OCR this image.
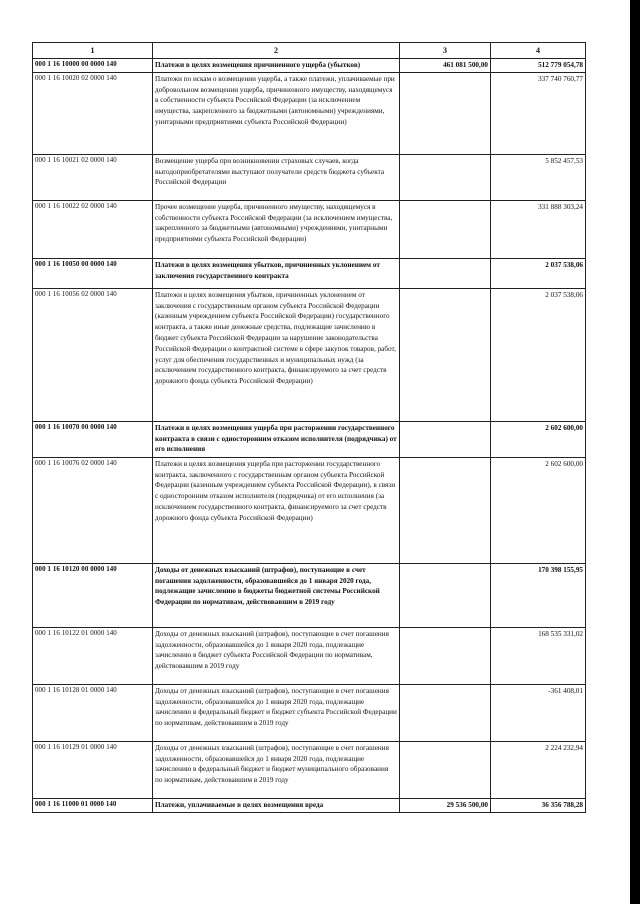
1	2	3	4
000 1 16 10000 00 0000 140	Платежи в целях возмещения причиненного ущерба (убытков)	461 081 500,00	512 779 054,78
000 1 16 10020 02 0000 140	Платежи по искам о возмещении ущерба, а также платежи, уплачиваемые при добровольном возмещении ущерба, причиненного имуществу, находящемуся в собственности субъекта Российской Федерации (за исключением имущества, закрепленного за бюджетными (автономными) учреждениями, унитарными предприятиями субъекта Российской Федерации)		337 740 760,77
000 1 16 10021 02 0000 140	Возмещение ущерба при возникновении страховых случаев, когда выгодоприобретателями выступают получатели средств бюджета субъекта Российской Федерации		5 852 457,53
000 1 16 10022 02 0000 140	Прочее возмещение ущерба, причиненного имуществу, находящемуся в собственности субъекта Российской Федерации (за исключением имущества, закрепленного за бюджетными (автономными) учреждениями, унитарными предприятиями субъекта Российской Федерации)		331 888 303,24
000 1 16 10050 00 0000 140	Платежи в целях возмещения убытков, причиненных уклонением от заключения государственного контракта		2 037 538,06
000 1 16 10056 02 0000 140	Платежи в целях возмещения убытков, причиненных уклонением от заключения с государственным органом субъекта Российской Федерации (казенным учреждением субъекта Российской Федерации) государственного контракта, а также иные денежные средства, подлежащие зачислению в бюджет субъекта Российской Федерации за нарушение законодательства Российской Федерации о контрактной системе в сфере закупок товаров, работ, услуг для обеспечения государственных и муниципальных нужд (за исключением государственного контракта, финансируемого за счет средств дорожного фонда субъекта Российской Федерации)		2 037 538,06
000 1 16 10070 00 0000 140	Платежи в целях возмещения ущерба при расторжении государственного контракта в связи с односторонним отказом исполнителя (подрядчика) от его исполнения		2 602 600,00
000 1 16 10076 02 0000 140	Платежи в целях возмещения ущерба при расторжении государственного контракта, заключенного с государственным органом субъекта Российской Федерации (казенным учреждением субъекта Российской Федерации), в связи с односторонним отказом исполнителя (подрядчика) от его исполнения (за исключением государственного контракта, финансируемого за счет средств дорожного фонда субъекта Российской Федерации)		2 602 600,00
000 1 16 10120 00 0000 140	Доходы от денежных взысканий (штрафов), поступающие в счет погашения задолженности, образовавшейся до 1 января 2020 года, подлежащие зачислению в бюджеты бюджетной системы Российской Федерации по нормативам, действовавшим в 2019 году		170 398 155,95
000 1 16 10122 01 0000 140	Доходы от денежных взысканий (штрафов), поступающие в счет погашения задолженности, образовавшейся до 1 января 2020 года, подлежащие зачислению в бюджет субъекта Российской Федерации по нормативам, действовавшим в 2019 году		168 535 331,02
000 1 16 10128 01 0000 140	Доходы от денежных взысканий (штрафов), поступающие в счет погашения задолженности, образовавшейся до 1 января 2020 года, подлежащие зачислению в федеральный бюджет и бюджет субъекта Российской Федерации по нормативам, действовавшим в 2019 году		-361 408,01
000 1 16 10129 01 0000 140	Доходы от денежных взысканий (штрафов), поступающие в счет погашения задолженности, образовавшейся до 1 января 2020 года, подлежащие зачислению в федеральный бюджет и бюджет муниципального образования по нормативам, действовавшим в 2019 году		2 224 232,94
000 1 16 11000 01 0000 140	Платежи, уплачиваемые в целях возмещения вреда	29 536 500,00	36 356 788,28
